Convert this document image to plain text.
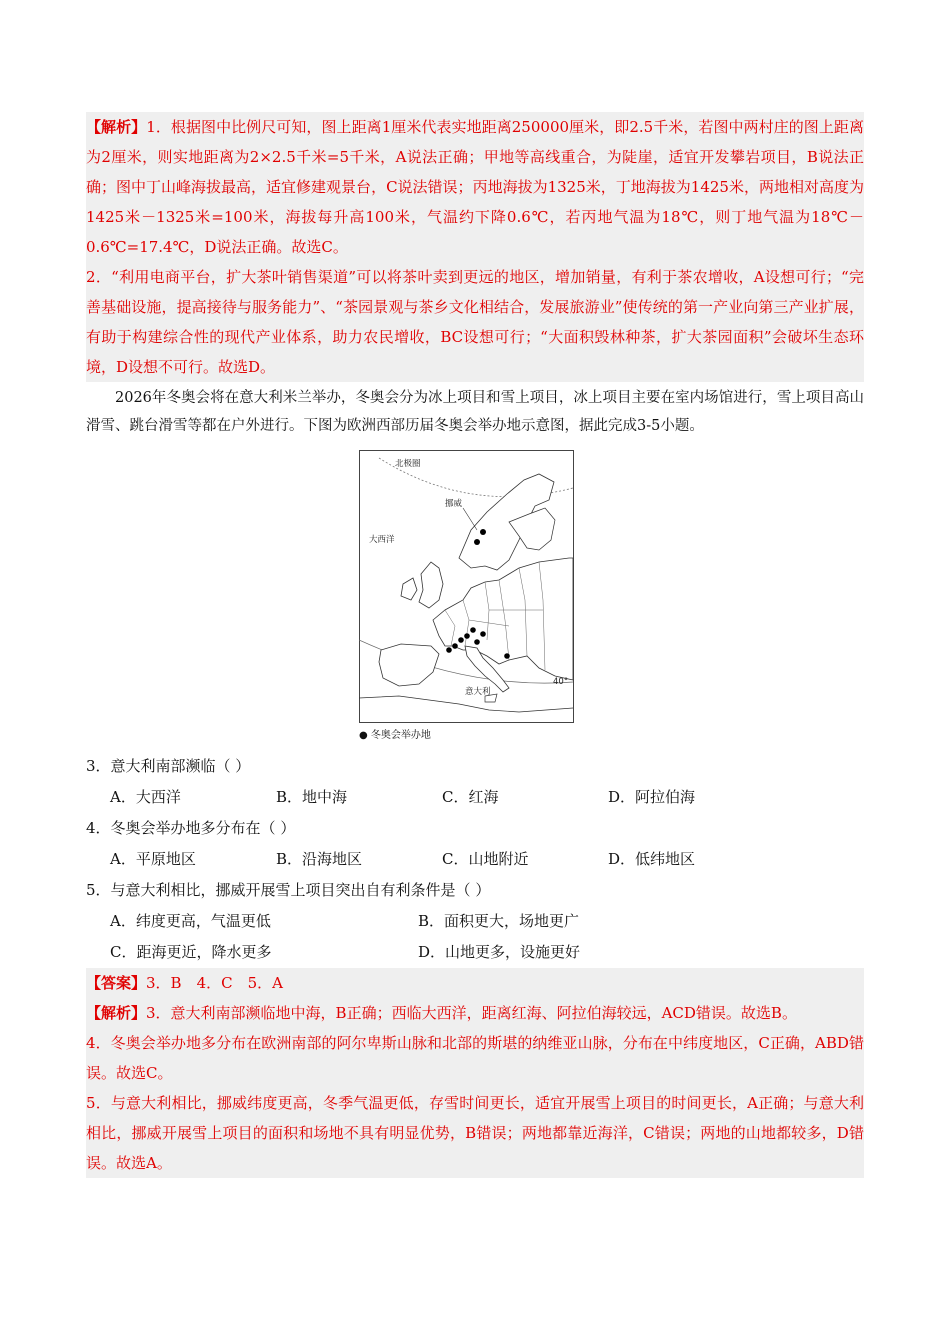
【解析】1．根据图中比例尺可知，图上距离1厘米代表实地距离250000厘米，即2.5千米，若图中两村庄的图上距离为2厘米，则实地距离为2×2.5千米=5千米，A说法正确；甲地等高线重合，为陡崖，适宜开发攀岩项目，B说法正确；图中丁山峰海拔最高，适宜修建观景台，C说法错误；丙地海拔为1325米，丁地海拔为1425米，两地相对高度为1425米－1325米=100米，海拔每升高100米，气温约下降0.6℃，若丙地气温为18℃，则丁地气温为18℃－0.6℃=17.4℃，D说法正确。故选C。

2．“利用电商平台，扩大茶叶销售渠道”可以将茶叶卖到更远的地区，增加销量，有利于茶农增收，A设想可行；“完善基础设施，提高接待与服务能力”、“茶园景观与茶乡文化相结合，发展旅游业”使传统的第一产业向第三产业扩展，有助于构建综合性的现代产业体系，助力农民增收，BC设想可行；“大面积毁林种茶，扩大茶园面积”会破坏生态环境，D设想不可行。故选D。

2026年冬奥会将在意大利米兰举办，冬奥会分为冰上项目和雪上项目，冰上项目主要在室内场馆进行，雪上项目高山滑雪、跳台滑雪等都在户外进行。下图为欧洲西部历届冬奥会举办地示意图，据此完成3-5小题。

北极圈
挪威
大西洋
意大利
40°
● 冬奥会举办地

3．意大利南部濒临（ ）

A．大西洋	B．地中海	C．红海	D．阿拉伯海

4．冬奥会举办地多分布在（ ）

A．平原地区	B．沿海地区	C．山地附近	D．低纬地区

5．与意大利相比，挪威开展雪上项目突出自有利条件是（ ）

A．纬度更高，气温更低	B．面积更大，场地更广
C．距海更近，降水更多	D．山地更多，设施更好

【答案】3．B　4．C　5．A

【解析】3．意大利南部濒临地中海，B正确；西临大西洋，距离红海、阿拉伯海较远，ACD错误。故选B。

4．冬奥会举办地多分布在欧洲南部的阿尔卑斯山脉和北部的斯堪的纳维亚山脉，分布在中纬度地区，C正确，ABD错误。故选C。

5．与意大利相比，挪威纬度更高，冬季气温更低，存雪时间更长，适宜开展雪上项目的时间更长，A正确；与意大利相比，挪威开展雪上项目的面积和场地不具有明显优势，B错误；两地都靠近海洋，C错误；两地的山地都较多，D错误。故选A。
